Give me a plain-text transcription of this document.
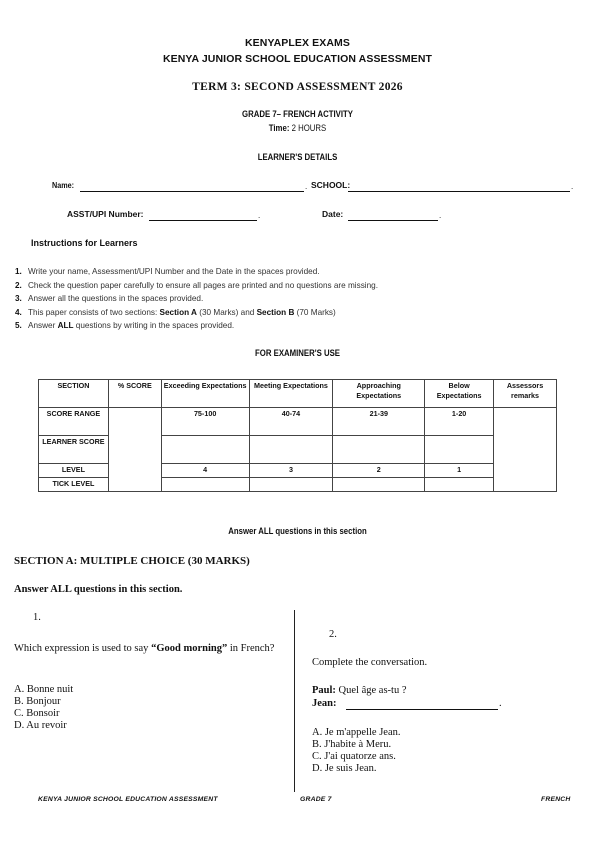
KENYAPLEX EXAMS
KENYA JUNIOR SCHOOL EDUCATION ASSESSMENT
TERM 3: SECOND ASSESSMENT 2026
GRADE 7– FRENCH ACTIVITY
Time: 2 HOURS
LEARNER'S DETAILS
Name:	. SCHOOL:	.
ASST/UPI Number:	.	Date:	.
Instructions for Learners
1. Write your name, Assessment/UPI Number and the Date in the spaces provided.
2. Check the question paper carefully to ensure all pages are printed and no questions are missing.
3. Answer all the questions in the spaces provided.
4. This paper consists of two sections: Section A (30 Marks) and Section B (70 Marks)
5. Answer ALL questions by writing in the spaces provided.
FOR EXAMINER'S USE
SECTION	% SCORE	Exceeding Expectations	Meeting Expectations	Approaching Expectations	Below Expectations	Assessors remarks
SCORE RANGE		75-100	40-74	21-39	1-20	
LEARNER SCORE						
LEVEL		4	3	2	1	
TICK LEVEL						
Answer ALL questions in this section
SECTION A: MULTIPLE CHOICE (30 MARKS)
Answer ALL questions in this section.
1.
Which expression is used to say “Good morning” in French?
A. Bonne nuit
B. Bonjour
C. Bonsoir
D. Au revoir
2.
Complete the conversation.
Paul: Quel âge as-tu ?
Jean:	.
A. Je m'appelle Jean.
B. J'habite à Meru.
C. J'ai quatorze ans.
D. Je suis Jean.
KENYA JUNIOR SCHOOL EDUCATION ASSESSMENT	GRADE 7	FRENCH
